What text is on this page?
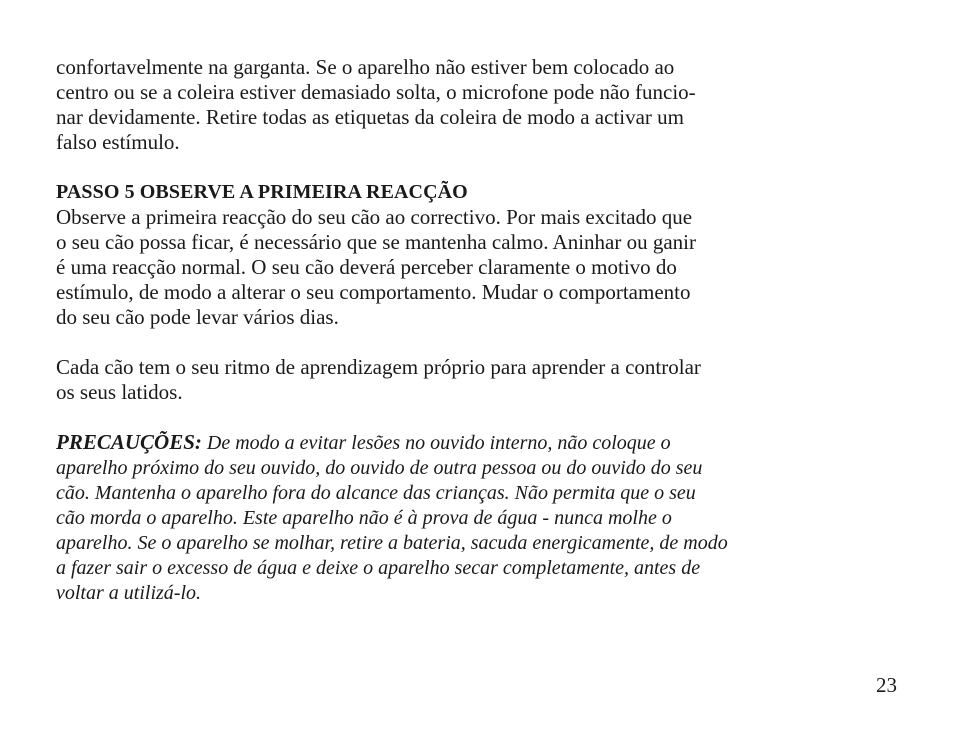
confortavelmente na garganta. Se o aparelho não estiver bem colocado ao
centro ou se a coleira estiver demasiado solta, o microfone pode não funcio-
nar devidamente. Retire todas as etiquetas da coleira de modo a activar um
falso estímulo.

PASSO 5 OBSERVE A PRIMEIRA REACÇÃO

Observe a primeira reacção do seu cão ao correctivo. Por mais excitado que
o seu cão possa ficar, é necessário que se mantenha calmo. Aninhar ou ganir
é uma reacção normal. O seu cão deverá perceber claramente o motivo do
estímulo, de modo a alterar o seu comportamento. Mudar o comportamento
do seu cão pode levar vários dias.

Cada cão tem o seu ritmo de aprendizagem próprio para aprender a controlar
os seus latidos.

PRECAUÇÕES: De modo a evitar lesões no ouvido interno, não coloque o
aparelho próximo do seu ouvido, do ouvido de outra pessoa ou do ouvido do seu
cão. Mantenha o aparelho fora do alcance das crianças. Não permita que o seu
cão morda o aparelho. Este aparelho não é à prova de água - nunca molhe o
aparelho. Se o aparelho se molhar, retire a bateria, sacuda energicamente, de modo
a fazer sair o excesso de água e deixe o aparelho secar completamente, antes de
voltar a utilizá-lo.

23
